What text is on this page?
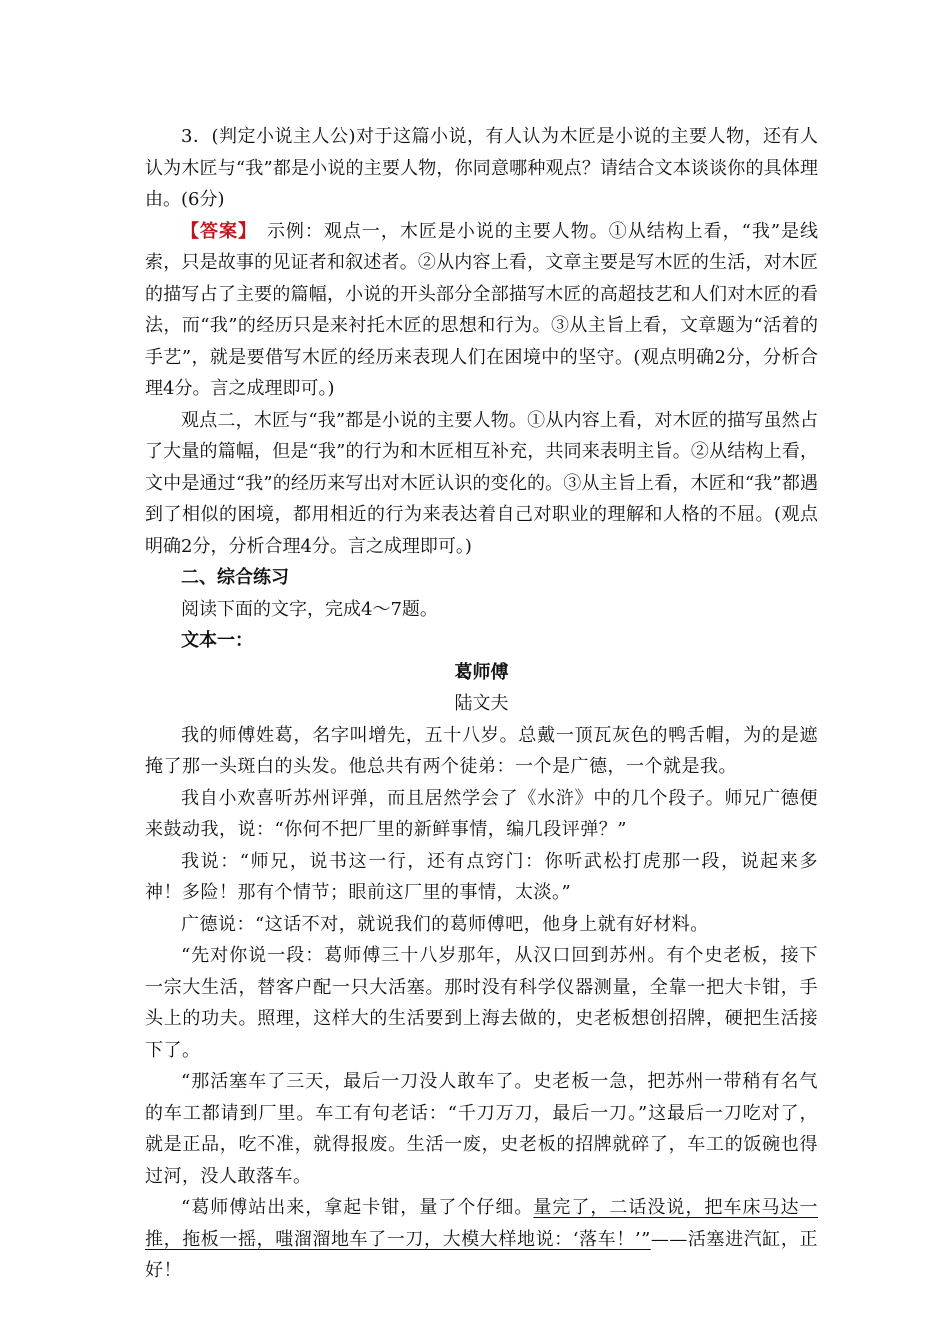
3．(判定小说主人公)对于这篇小说，有人认为木匠是小说的主要人物，还有人认为木匠与“我”都是小说的主要人物，你同意哪种观点？请结合文本谈谈你的具体理由。(6分)

【答案】　示例：观点一，木匠是小说的主要人物。①从结构上看，“我”是线索，只是故事的见证者和叙述者。②从内容上看，文章主要是写木匠的生活，对木匠的描写占了主要的篇幅，小说的开头部分全部描写木匠的高超技艺和人们对木匠的看法，而“我”的经历只是来衬托木匠的思想和行为。③从主旨上看，文章题为“活着的手艺”，就是要借写木匠的经历来表现人们在困境中的坚守。(观点明确2分，分析合理4分。言之成理即可。)

观点二，木匠与“我”都是小说的主要人物。①从内容上看，对木匠的描写虽然占了大量的篇幅，但是“我”的行为和木匠相互补充，共同来表明主旨。②从结构上看，文中是通过“我”的经历来写出对木匠认识的变化的。③从主旨上看，木匠和“我”都遇到了相似的困境，都用相近的行为来表达着自己对职业的理解和人格的不屈。(观点明确2分，分析合理4分。言之成理即可。)

二、综合练习

阅读下面的文字，完成4～7题。

文本一：

葛师傅

陆文夫

我的师傅姓葛，名字叫增先，五十八岁。总戴一顶瓦灰色的鸭舌帽，为的是遮掩了那一头斑白的头发。他总共有两个徒弟：一个是广德，一个就是我。

我自小欢喜听苏州评弹，而且居然学会了《水浒》中的几个段子。师兄广德便来鼓动我，说：“你何不把厂里的新鲜事情，编几段评弹？”

我说：“师兄，说书这一行，还有点窍门：你听武松打虎那一段，说起来多神！多险！那有个情节；眼前这厂里的事情，太淡。”

广德说：“这话不对，就说我们的葛师傅吧，他身上就有好材料。

“先对你说一段：葛师傅三十八岁那年，从汉口回到苏州。有个史老板，接下一宗大生活，替客户配一只大活塞。那时没有科学仪器测量，全靠一把大卡钳，手头上的功夫。照理，这样大的生活要到上海去做的，史老板想创招牌，硬把生活接下了。

“那活塞车了三天，最后一刀没人敢车了。史老板一急，把苏州一带稍有名气的车工都请到厂里。车工有句老话：“千刀万刀，最后一刀。”这最后一刀吃对了，就是正品，吃不准，就得报废。生活一废，史老板的招牌就碎了，车工的饭碗也得过河，没人敢落车。

“葛师傅站出来，拿起卡钳，量了个仔细。量完了，二话没说，把车床马达一推，拖板一摇，嗤溜溜地车了一刀，大模大样地说：‘落车！’”——活塞进汽缸，正好！
